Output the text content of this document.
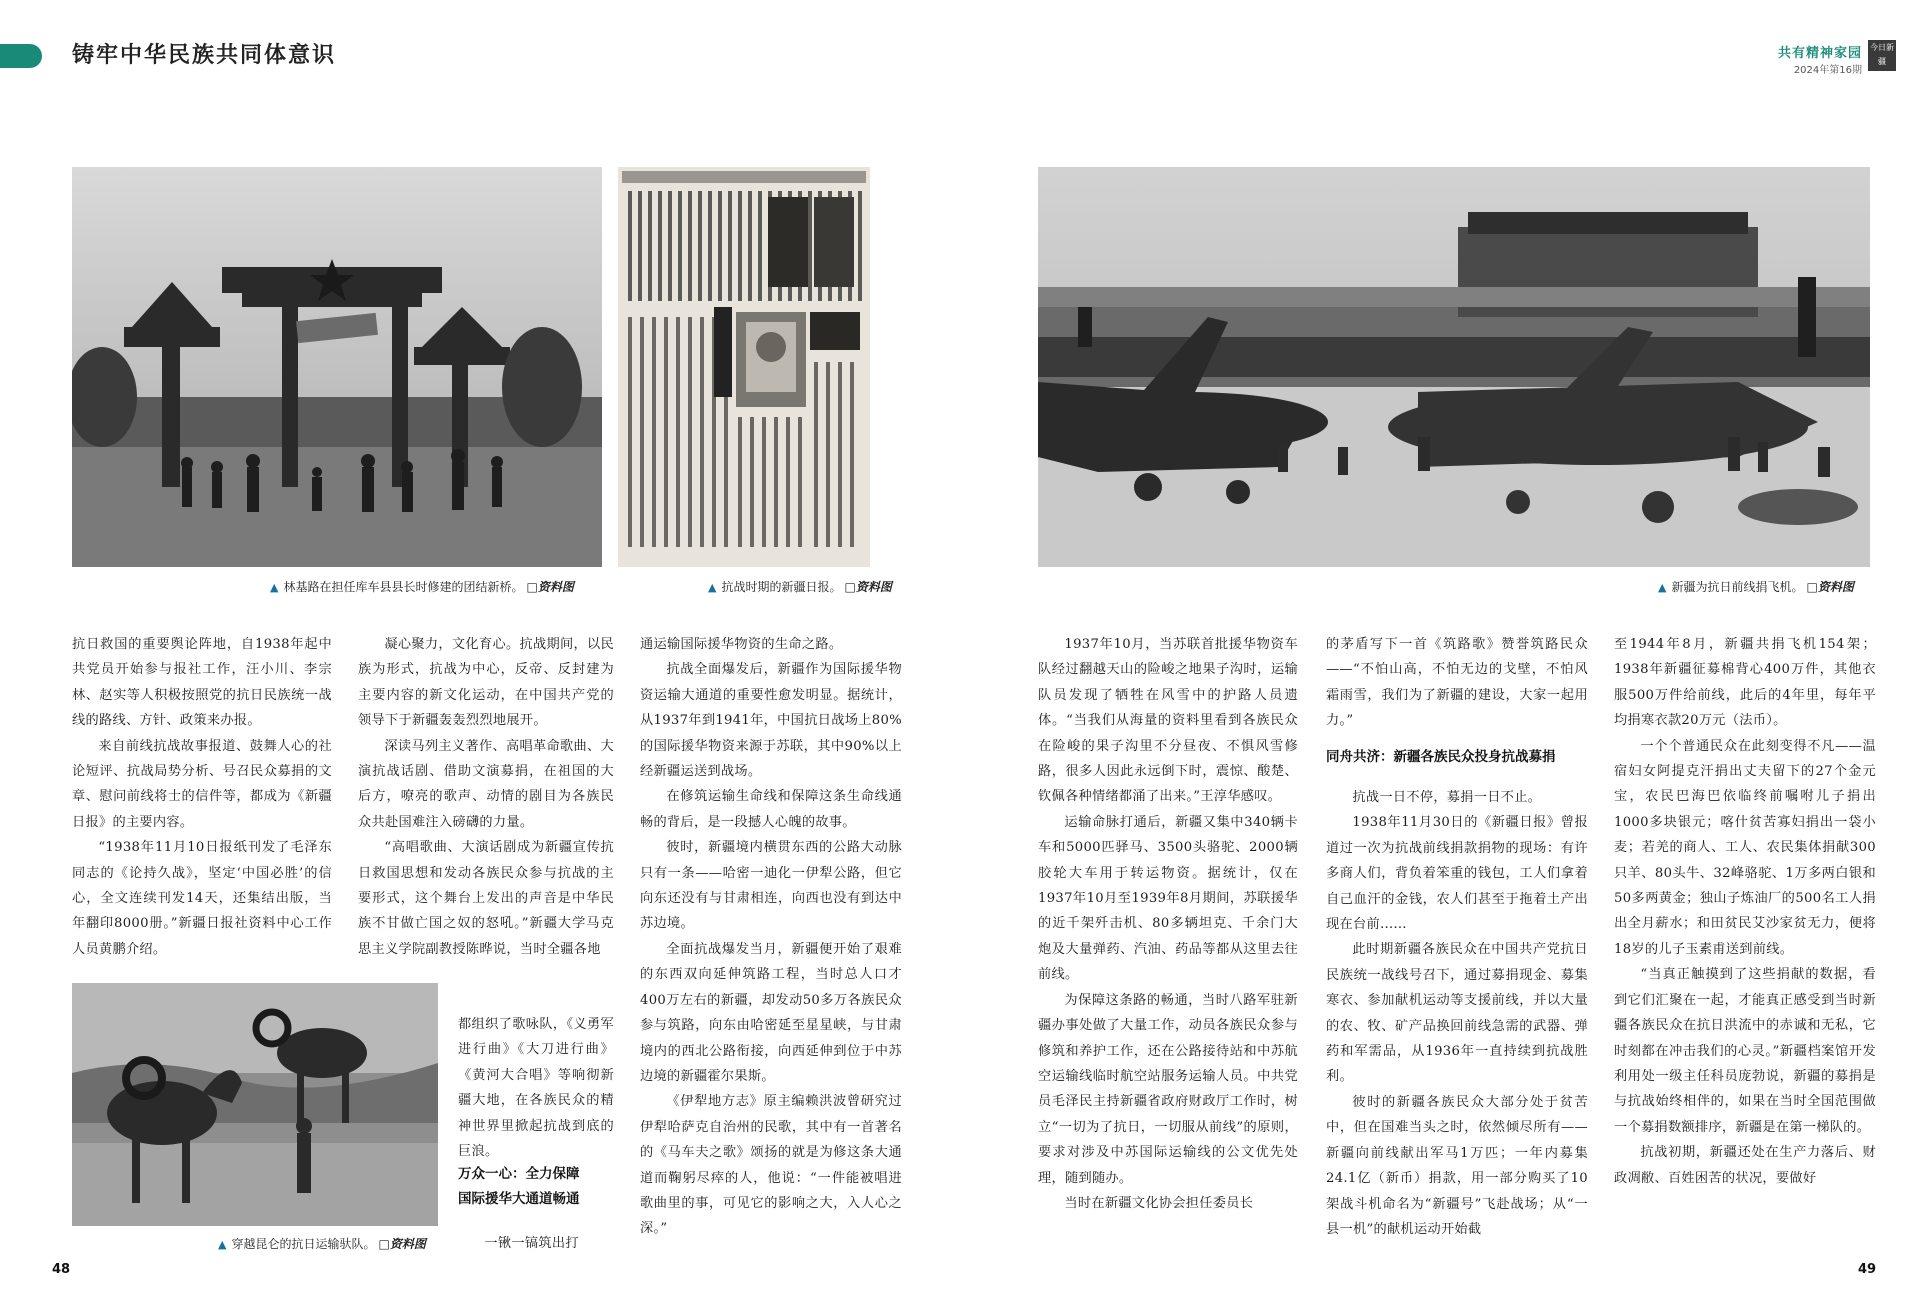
铸牢中华民族共同体意识	共有精神家园
2024年第16期
今日新疆
▲ 林基路在担任库车县县长时修建的团结新桥。 □资料图	▲ 抗战时期的新疆日报。 □资料图	▲ 新疆为抗日前线捐飞机。 □资料图
▲ 穿越昆仑的抗日运输驮队。 □资料图

抗日救国的重要舆论阵地，自1938年起中共党员开始参与报社工作，汪小川、李宗林、赵实等人积极按照党的抗日民族统一战线的路线、方针、政策来办报。

来自前线抗战故事报道、鼓舞人心的社论短评、抗战局势分析、号召民众募捐的文章、慰问前线将士的信件等，都成为《新疆日报》的主要内容。

“1938年11月10日报纸刊发了毛泽东同志的《论持久战》，坚定‘中国必胜’的信心，全文连续刊发14天，还集结出版，当年翻印8000册。”新疆日报社资料中心工作人员黄鹏介绍。

凝心聚力，文化育心。抗战期间，以民族为形式，抗战为中心，反帝、反封建为主要内容的新文化运动，在中国共产党的领导下于新疆轰轰烈烈地展开。

深读马列主义著作、高唱革命歌曲、大演抗战话剧、借助文演募捐，在祖国的大后方，嘹亮的歌声、动情的剧目为各族民众共赴国难注入磅礴的力量。

“高唱歌曲、大演话剧成为新疆宣传抗日救国思想和发动各族民众参与抗战的主要形式，这个舞台上发出的声音是中华民族不甘做亡国之奴的怒吼。”新疆大学马克思主义学院副教授陈晔说，当时全疆各地

都组织了歌咏队，《义勇军进行曲》《大刀进行曲》《黄河大合唱》等响彻新疆大地，在各族民众的精神世界里掀起抗战到底的巨浪。

万众一心：全力保障
国际援华大通道畅通

一锹一镐筑出打

通运输国际援华物资的生命之路。

抗战全面爆发后，新疆作为国际援华物资运输大通道的重要性愈发明显。据统计，从1937年到1941年，中国抗日战场上80%的国际援华物资来源于苏联，其中90%以上经新疆运送到战场。

在修筑运输生命线和保障这条生命线通畅的背后，是一段撼人心魄的故事。

彼时，新疆境内横贯东西的公路大动脉只有一条——哈密一迪化一伊犁公路，但它向东还没有与甘肃相连，向西也没有到达中苏边境。

全面抗战爆发当月，新疆便开始了艰难的东西双向延伸筑路工程，当时总人口才400万左右的新疆，却发动50多万各族民众参与筑路，向东由哈密延至星星峡，与甘肃境内的西北公路衔接，向西延伸到位于中苏边境的新疆霍尔果斯。

《伊犁地方志》原主编赖洪波曾研究过伊犁哈萨克自治州的民歌，其中有一首著名的《马车夫之歌》颂扬的就是为修这条大通道而鞠躬尽瘁的人，他说：“一件能被唱进歌曲里的事，可见它的影响之大，入人心之深。”

48

1937年10月，当苏联首批援华物资车队经过翻越天山的险峻之地果子沟时，运输队员发现了牺牲在风雪中的护路人员遗体。“当我们从海量的资料里看到各族民众在险峻的果子沟里不分昼夜、不惧风雪修路，很多人因此永远倒下时，震惊、酸楚、钦佩各种情绪都涌了出来。”王淳华感叹。

运输命脉打通后，新疆又集中340辆卡车和5000匹驿马、3500头骆驼、2000辆胶轮大车用于转运物资。据统计，仅在1937年10月至1939年8月期间，苏联援华的近千架歼击机、80多辆坦克、千余门大炮及大量弹药、汽油、药品等都从这里去往前线。

为保障这条路的畅通，当时八路军驻新疆办事处做了大量工作，动员各族民众参与修筑和养护工作，还在公路接待站和中苏航空运输线临时航空站服务运输人员。中共党员毛泽民主持新疆省政府财政厅工作时，树立“一切为了抗日，一切服从前线”的原则，要求对涉及中苏国际运输线的公文优先处理，随到随办。

当时在新疆文化协会担任委员长

的茅盾写下一首《筑路歌》赞誉筑路民众——“不怕山高，不怕无边的戈壁，不怕风霜雨雪，我们为了新疆的建设，大家一起用力。”

同舟共济：新疆各族民众投身抗战募捐

抗战一日不停，募捐一日不止。

1938年11月30日的《新疆日报》曾报道过一次为抗战前线捐款捐物的现场：有许多商人们，背负着笨重的钱包，工人们拿着自己血汗的金钱，农人们甚至于拖着土产出现在台前……

此时期新疆各族民众在中国共产党抗日民族统一战线号召下，通过募捐现金、募集寒衣、参加献机运动等支援前线，并以大量的农、牧、矿产品换回前线急需的武器、弹药和军需品，从1936年一直持续到抗战胜利。

彼时的新疆各族民众大部分处于贫苦中，但在国难当头之时，依然倾尽所有——新疆向前线献出军马1万匹；一年内募集24.1亿（新币）捐款，用一部分购买了10架战斗机命名为“新疆号”飞赴战场；从“一县一机”的献机运动开始截

至1944年8月，新疆共捐飞机154架；1938年新疆征募棉背心400万件，其他衣服500万件给前线，此后的4年里，每年平均捐寒衣款20万元（法币）。

一个个普通民众在此刻变得不凡——温宿妇女阿提克汗捐出丈夫留下的27个金元宝，农民巴海巴依临终前嘱咐儿子捐出1000多块银元；喀什贫苦寡妇捐出一袋小麦；若羌的商人、工人、农民集体捐献300只羊、80头牛、32峰骆驼、1万多两白银和50多两黄金；独山子炼油厂的500名工人捐出全月薪水；和田贫民艾沙家贫无力，便将18岁的儿子玉素甫送到前线。

“当真正触摸到了这些捐献的数据，看到它们汇聚在一起，才能真正感受到当时新疆各族民众在抗日洪流中的赤诚和无私，它时刻都在冲击我们的心灵。”新疆档案馆开发利用处一级主任科员庞勃说，新疆的募捐是与抗战始终相伴的，如果在当时全国范围做一个募捐数额排序，新疆是在第一梯队的。

抗战初期，新疆还处在生产力落后、财政凋敝、百姓困苦的状况，要做好

49
